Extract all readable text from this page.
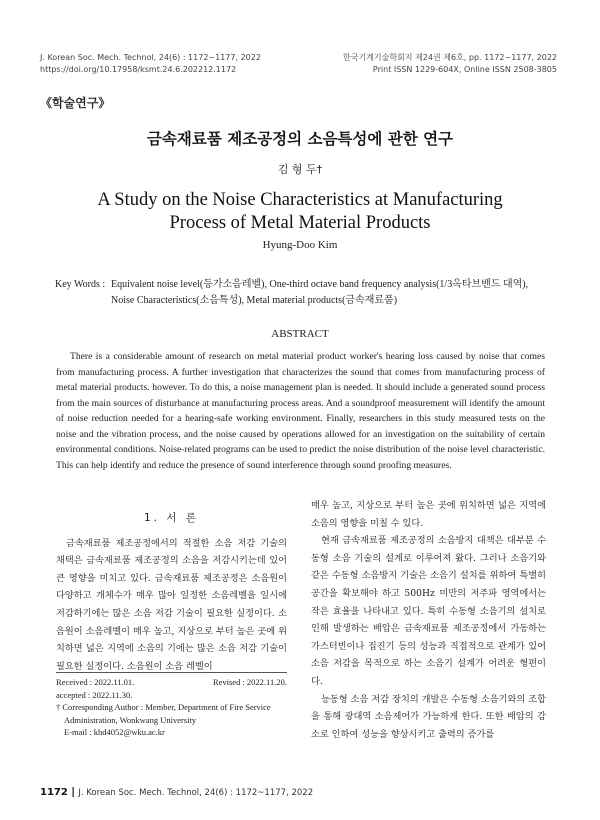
J. Korean Soc. Mech. Technol, 24(6) : 1172~1177, 2022
https://doi.org/10.17958/ksmt.24.6.202212.1172
한국기계기술학회지 제24권 제6호, pp. 1172~1177, 2022
Print ISSN 1229-604X, Online ISSN 2508-3805
《학술연구》
금속재료품 제조공정의 소음특성에 관한 연구
김 형 두†
A Study on the Noise Characteristics at Manufacturing
Process of Metal Material Products
Hyung-Doo Kim
Key Words : Equivalent noise level(등가소음레벨), One-third octave band frequency analysis(1/3옥타브밴드 대역),
Noise Characteristics(소음특성), Metal material products(금속재료품)
ABSTRACT
There is a considerable amount of research on metal material product worker's hearing loss caused by noise that comes from manufacturing process. A further investigation that characterizes the sound that comes from manufacturing process of metal material products. however. To do this, a noise management plan is needed. It should include a generated sound process from the main sources of disturbance at manufacturing process areas. And a soundproof measurement will identify the amount of noise reduction needed for a hearing-safe working environment. Finally, researchers in this study measured tests on the noise and the vibration process, and the noise caused by operations allowed for an investigation on the suitability of certain environmental conditions. Noise-related programs can be used to predict the noise distribution of the noise level characteristic. This can help identify and reduce the presence of sound interference through sound proofing measures.
1. 서 론

금속재료품 제조공정에서의 적절한 소음 저감 기술의 채택은 금속재료품 제조공정의 소음을 저감시키는데 있어 큰 영향을 미치고 있다. 금속재료품 제조공정은 소음원이 다양하고 개체수가 매우 많아 일정한 소음레벨을 일시에 저감하기에는 많은 소음 저감 기술이 필요한 실정이다. 소음원이 소음레벨이 매우 높고, 지상으로 부터 높은 곳에 위치하면 넓은 지역에 소음의 기에는 많은 소음 저감 기술이 필요한 실정이다. 소음원이 소음 레벨이

Received : 2022.11.01.	Revised : 2022.11.20.
accepted : 2022.11.30.
† Corresponding Author : Member, Department of Fire Service
Administration, Wonkwang University
E-mail : khd4052@wku.ac.kr

매우 높고, 지상으로 부터 높은 곳에 위치하면 넓은 지역에 소음의 영향을 미칠 수 있다.

현재 금속재료품 제조공정의 소음방지 대책은 대부분 수동형 소음 기술의 설계로 이루어져 왔다. 그러나 소음기와 같은 수동형 소음방지 기술은 소음기 설치를 위하여 특별히 공간을 확보해야 하고 500Hz 미만의 저주파 영역에서는 작은 효율을 나타내고 있다. 특히 수동형 소음기의 설치로 인해 발생하는 배압은 금속재료품 제조공정에서 가동하는 가스터빈이나 집진기 등의 성능과 직접적으로 관계가 있어 소음 저감을 목적으로 하는 소음기 설계가 어려운 형편이다.

능동형 소음 저감 장치의 개발은 수동형 소음기와의 조합을 통해 광대역 소음제어가 가능하게 한다. 또한 배압의 감소로 인하여 성능을 향상시키고 출력의 증가를

1172 ┃ J. Korean Soc. Mech. Technol, 24(6) : 1172~1177, 2022
